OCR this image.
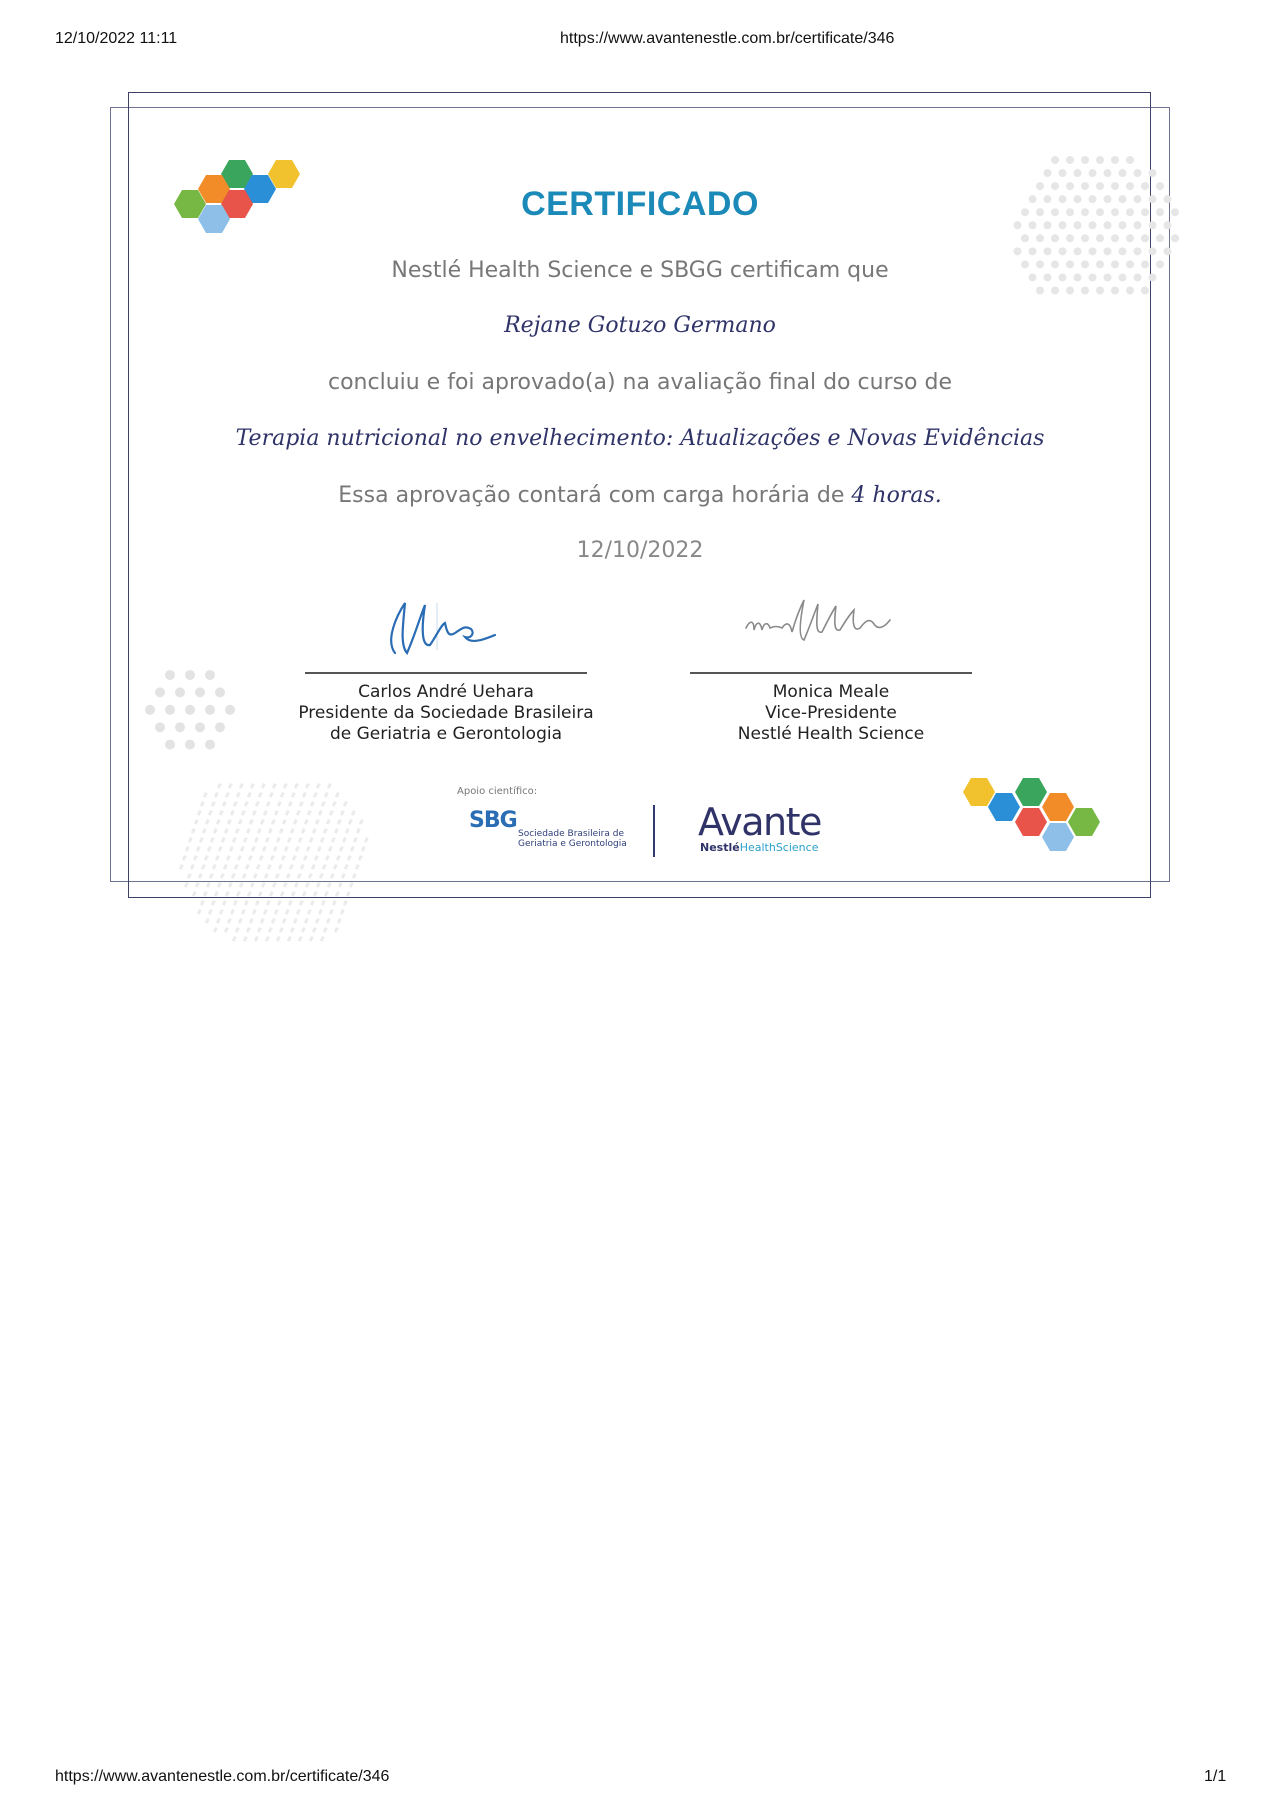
12/10/2022 11:11	https://www.avantenestle.com.br/certificate/346
https://www.avantenestle.com.br/certificate/346	1/1
CERTIFICADO
Nestlé Health Science e SBGG certificam que
Rejane Gotuzo Germano
concluiu e foi aprovado(a) na avaliação final do curso de
Terapia nutricional no envelhecimento: Atualizações e Novas Evidências
Essa aprovação contará com carga horária de 4 horas.
12/10/2022
Carlos André Uehara
Presidente da Sociedade Brasileira
de Geriatria e Gerontologia
Monica Meale
Vice-Presidente
Nestlé Health Science
Apoio científico:
SBG
Sociedade Brasileira de
Geriatria e Gerontologia Avante
NestléHealthScience
